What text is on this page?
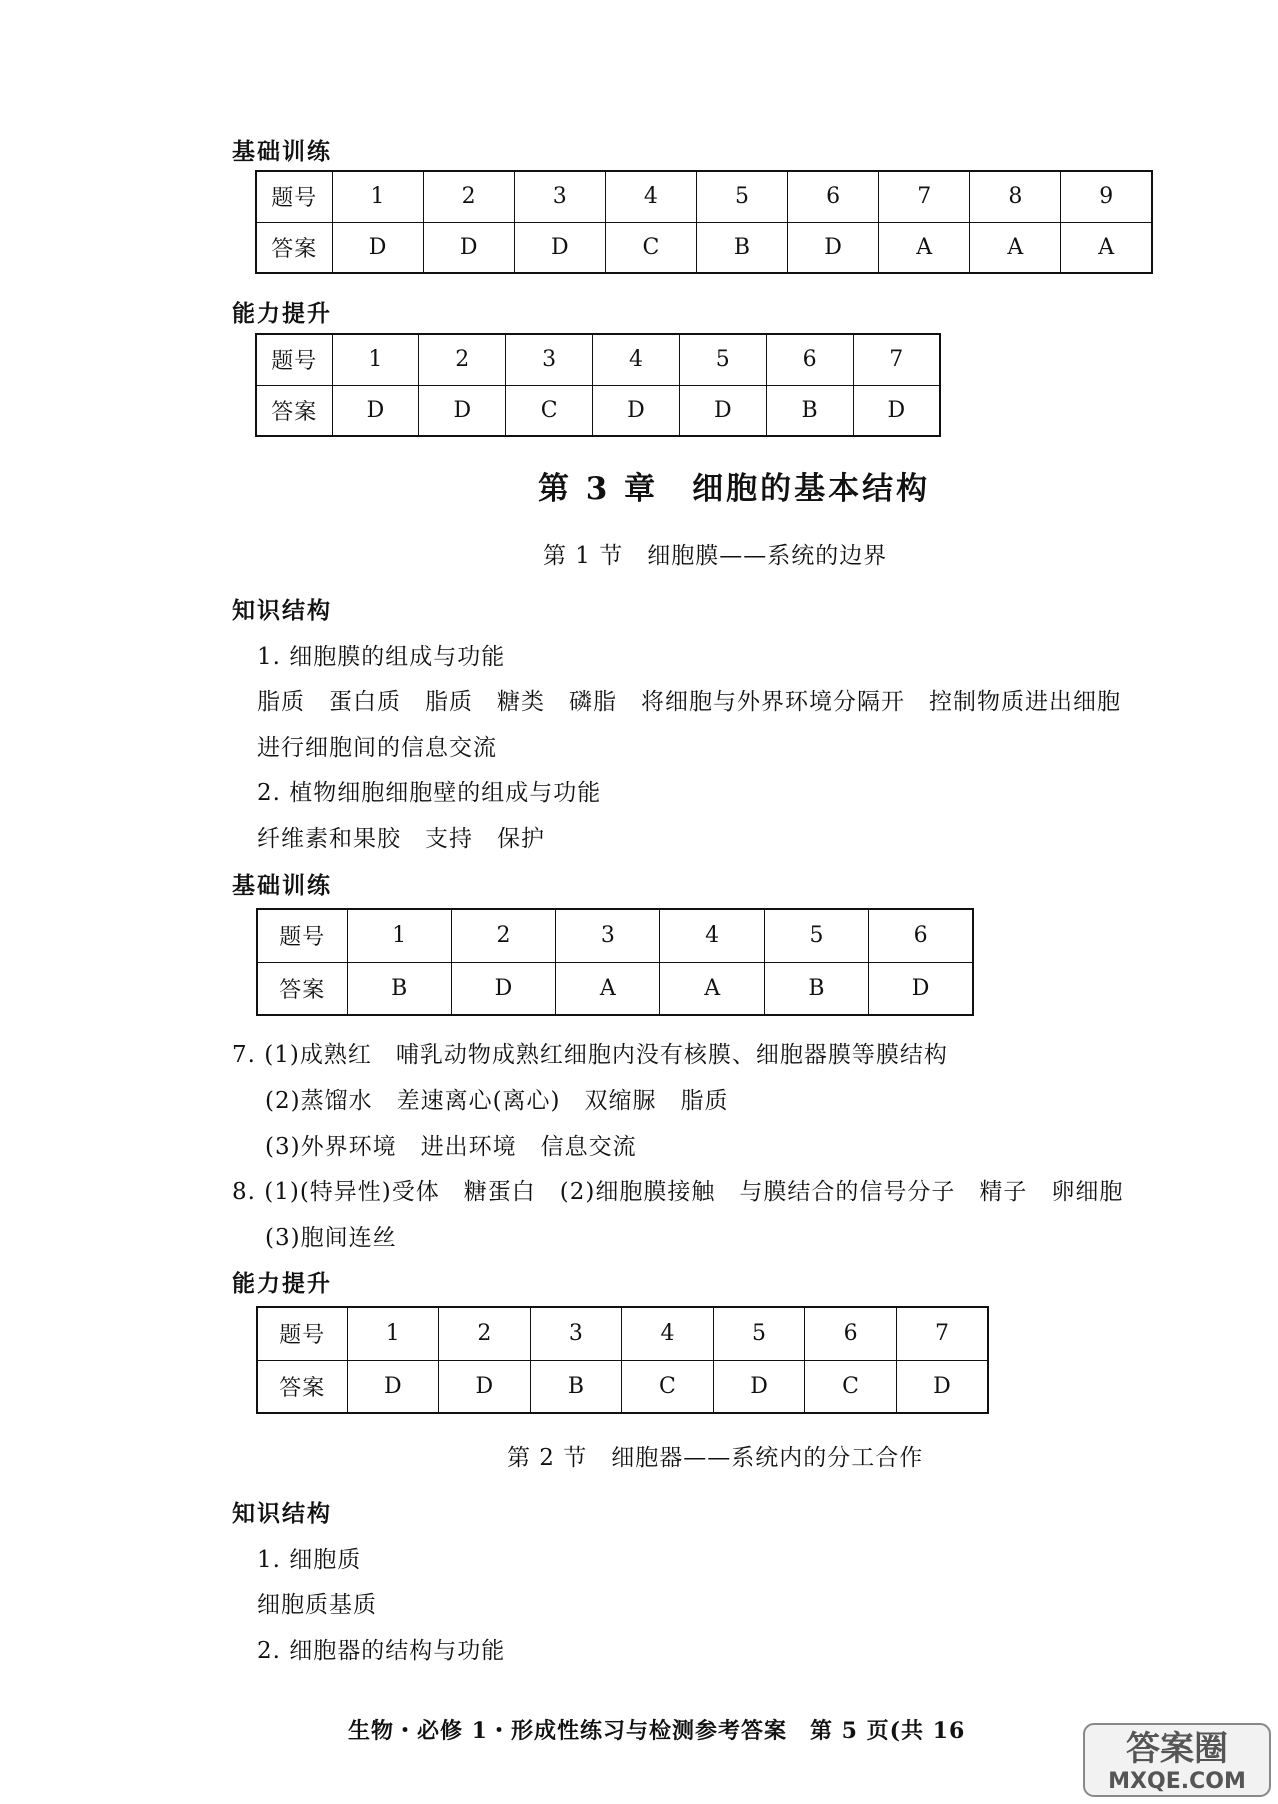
基础训练
题号	1	2	3	4	5	6	7	8	9
答案	D	D	D	C	B	D	A	A	A
能力提升
题号	1	2	3	4	5	6	7
答案	D	D	C	D	D	B	D
第 3 章　细胞的基本结构
第 1 节　细胞膜——系统的边界
知识结构
1. 细胞膜的组成与功能
脂质　蛋白质　脂质　糖类　磷脂　将细胞与外界环境分隔开　控制物质进出细胞
进行细胞间的信息交流
2. 植物细胞细胞壁的组成与功能
纤维素和果胶　支持　保护
基础训练
题号	1	2	3	4	5	6
答案	B	D	A	A	B	D
7. (1)成熟红　哺乳动物成熟红细胞内没有核膜、细胞器膜等膜结构
(2)蒸馏水　差速离心(离心)　双缩脲　脂质
(3)外界环境　进出环境　信息交流
8. (1)(特异性)受体　糖蛋白　(2)细胞膜接触　与膜结合的信号分子　精子　卵细胞
(3)胞间连丝
能力提升
题号	1	2	3	4	5	6	7
答案	D	D	B	C	D	C	D
第 2 节　细胞器——系统内的分工合作
知识结构
1. 细胞质
细胞质基质
2. 细胞器的结构与功能
生物・必修 1・形成性练习与检测参考答案　第 5 页(共 16	答案圈
MXQE.COM
